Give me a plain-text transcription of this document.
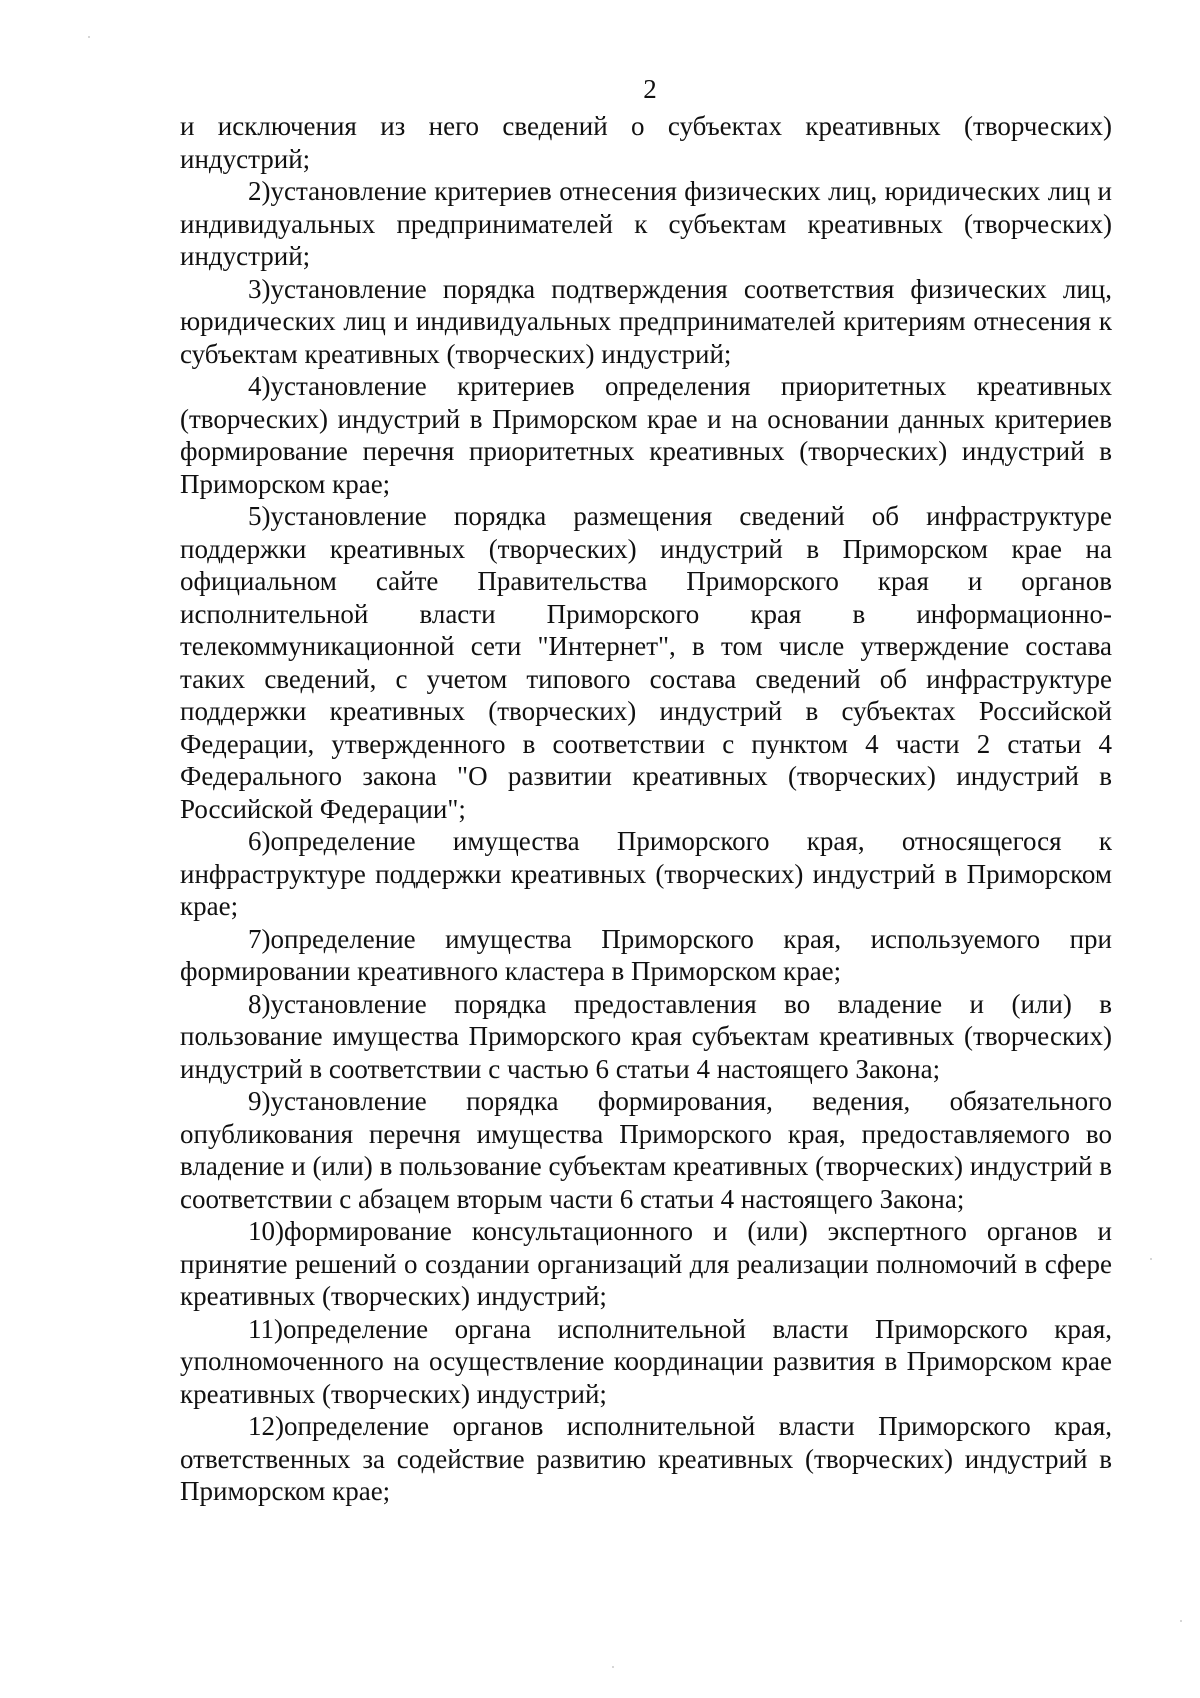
2

и исключения из него сведений о субъектах креативных (творческих) индустрий;

2)установление критериев отнесения физических лиц, юридических лиц и индивидуальных предпринимателей к субъектам креативных (творческих) индустрий;

3)установление порядка подтверждения соответствия физических лиц, юридических лиц и индивидуальных предпринимателей критериям отнесения к субъектам креативных (творческих) индустрий;

4)установление критериев определения приоритетных креативных (творческих) индустрий в Приморском крае и на основании данных критериев формирование перечня приоритетных креативных (творческих) индустрий в Приморском крае;

5)установление порядка размещения сведений об инфраструктуре поддержки креативных (творческих) индустрий в Приморском крае на официальном сайте Правительства Приморского края и органов исполнительной власти Приморского края в информационно-телекоммуникационной сети "Интернет", в том числе утверждение состава таких сведений, с учетом типового состава сведений об инфраструктуре поддержки креативных (творческих) индустрий в субъектах Российской Федерации, утвержденного в соответствии с пунктом 4 части 2 статьи 4 Федерального закона "О развитии креативных (творческих) индустрий в Российской Федерации";

6)определение имущества Приморского края, относящегося к инфраструктуре поддержки креативных (творческих) индустрий в Приморском крае;

7)определение имущества Приморского края, используемого при формировании креативного кластера в Приморском крае;

8)установление порядка предоставления во владение и (или) в пользование имущества Приморского края субъектам креативных (творческих) индустрий в соответствии с частью 6 статьи 4 настоящего Закона;

9)установление порядка формирования, ведения, обязательного опубликования перечня имущества Приморского края, предоставляемого во владение и (или) в пользование субъектам креативных (творческих) индустрий в соответствии с абзацем вторым части 6 статьи 4 настоящего Закона;

10)формирование консультационного и (или) экспертного органов и принятие решений о создании организаций для реализации полномочий в сфере креативных (творческих) индустрий;

11)определение органа исполнительной власти Приморского края, уполномоченного на осуществление координации развития в Приморском крае креативных (творческих) индустрий;

12)определение органов исполнительной власти Приморского края, ответственных за содействие развитию креативных (творческих) индустрий в Приморском крае;
